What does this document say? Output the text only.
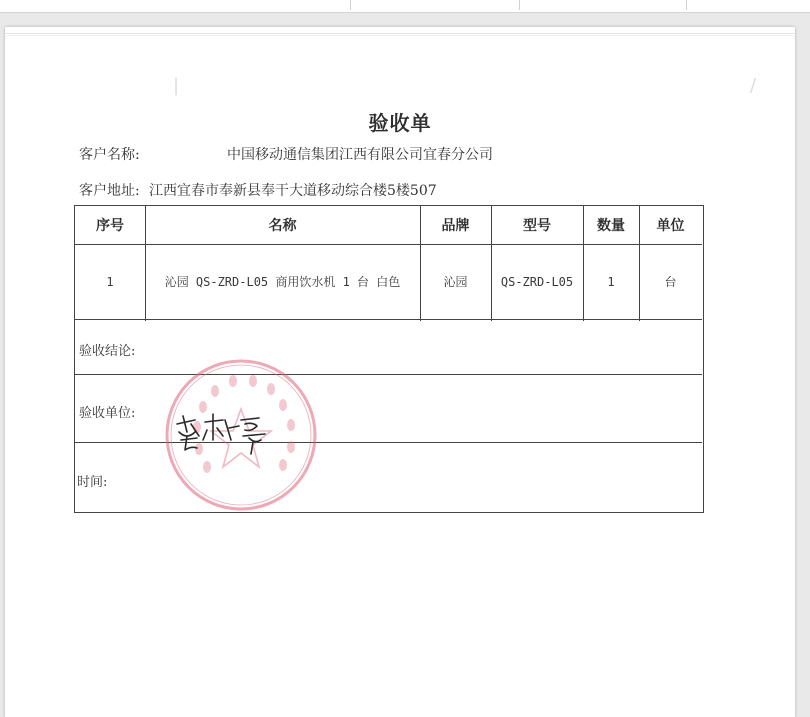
|	/
验收单
客户名称:	中国移动通信集团江西有限公司宜春分公司
客户地址: 江西宜春市奉新县奉干大道移动综合楼5楼507
序号	名称	品牌	型号	数量	单位
1	沁园 QS-ZRD-L05 商用饮水机 1 台 白色	沁园	QS-ZRD-L05	1	台
验收结论:
验收单位:
时间:
